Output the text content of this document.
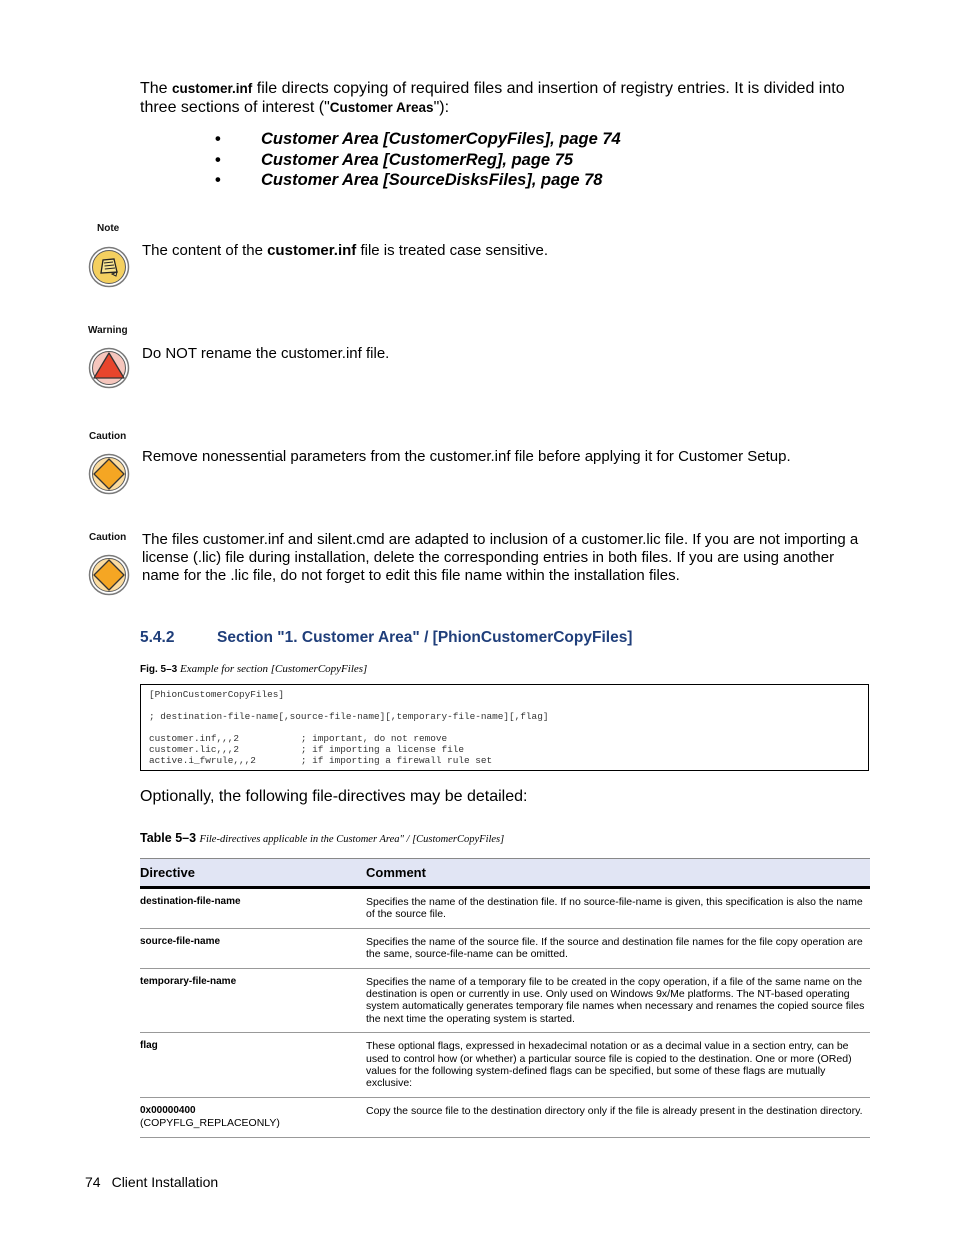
The customer.inf file directs copying of required files and insertion of registry entries. It is divided into three sections of interest ("Customer Areas"):
•	Customer Area [CustomerCopyFiles], page 74
•	Customer Area [CustomerReg], page 75
•	Customer Area [SourceDisksFiles], page 78
Note
The content of the customer.inf file is treated case sensitive.
Warning
Do NOT rename the customer.inf file.
Caution
Remove nonessential parameters from the customer.inf file before applying it for Customer Setup.
Caution The files customer.inf and silent.cmd are adapted to inclusion of a customer.lic file. If you are not importing a license (.lic) file during installation, delete the corresponding entries in both files. If you are using another name for the .lic file, do not forget to edit this file name within the installation files.
5.4.2	Section "1. Customer Area" / [PhionCustomerCopyFiles]
Fig. 5–3 Example for section [CustomerCopyFiles]
[PhionCustomerCopyFiles]

; destination-file-name[,source-file-name][,temporary-file-name][,flag]

customer.inf,,,2           ; important, do not remove
customer.lic,,,2           ; if importing a license file
active.i_fwrule,,,2        ; if importing a firewall rule set
Optionally, the following file-directives may be detailed:
Table 5–3 File-directives applicable in the Customer Area" / [CustomerCopyFiles]
Directive	Comment

destination-file-name	Specifies the name of the destination file. If no source-file-name is given, this specification is also the name of the source file.

source-file-name	Specifies the name of the source file. If the source and destination file names for the file copy operation are the same, source-file-name can be omitted.

temporary-file-name	Specifies the name of a temporary file to be created in the copy operation, if a file of the same name on the destination is open or currently in use. Only used on Windows 9x/Me platforms. The NT-based operating system automatically generates temporary file names when necessary and renames the copied source files the next time the operating system is started.

flag	These optional flags, expressed in hexadecimal notation or as a decimal value in a section entry, can be used to control how (or whether) a particular source file is copied to the destination. One or more (ORed) values for the following system-defined flags can be specified, but some of these flags are mutually exclusive:

0x00000400
(COPYFLG_REPLACEONLY)	Copy the source file to the destination directory only if the file is already present in the destination directory.
74 Client Installation
